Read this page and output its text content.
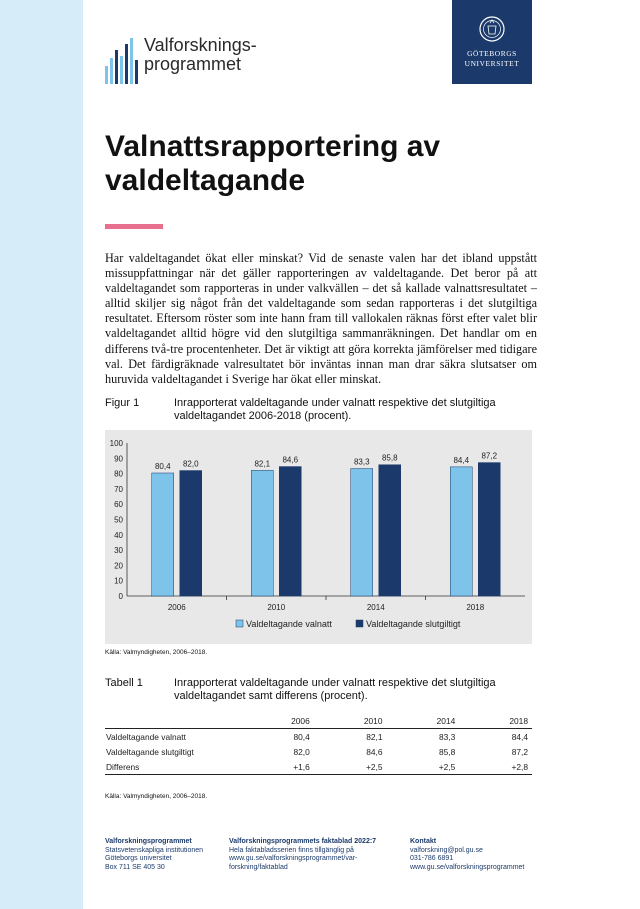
Valforsknings-
programmet
GÖTEBORGS
UNIVERSITET
Valnattsrapportering av valdeltagande

Har valdeltagandet ökat eller minskat? Vid de senaste valen har det ibland uppstått missuppfattningar när det gäller rapporteringen av valdeltagande. Det beror på att valdeltagandet som rapporteras in under valkvällen – det så kallade valnattsresultatet – alltid skiljer sig något från det valdeltagande som sedan rapporteras i det slutgiltiga resultatet. Eftersom röster som inte hann fram till vallokalen räknas först efter valet blir valdeltagandet alltid högre vid den slutgiltiga sammanräkningen. Det handlar om en differens två-tre procentenheter. Det är viktigt att göra korrekta jämförelser med tidigare val. Det färdigräknade valresultatet bör inväntas innan man drar säkra slutsatser om huruvida valdeltagandet i Sverige har ökat eller minskat.

Figur 1	Inrapporterat valdeltagande under valnatt respektive det slutgiltiga valdeltagandet 2006-2018 (procent).
0
10
20
30
40
50
60
70
80
90
100
80,4 82,0
2006
82,1 84,6
2010
83,3 85,8
2014
84,4 87,2
2018
Valdeltagande valnatt	Valdeltagande slutgiltigt
Källa: Valmyndigheten, 2006–2018.
Tabell 1	Inrapporterat valdeltagande under valnatt respektive det slutgiltiga valdeltagandet samt differens (procent).
	2006	2010	2014	2018
Valdeltagande valnatt	80,4	82,1	83,3	84,4
Valdeltagande slutgiltigt	82,0	84,6	85,8	87,2
Differens	+1,6	+2,5	+2,5	+2,8
Källa: Valmyndigheten, 2006–2018.
Valforskningsprogrammet
Statsvetenskapliga institutionen
Göteborgs universitet
Box 711 SE 405 30
Valforskningsprogrammets faktablad 2022:7
Hela faktabladsserien finns tillgänglig på
www.gu.se/valforskningsprogrammet/var-
forskning/faktablad
Kontakt
valforskning@pol.gu.se
031-786 6891
www.gu.se/valforskningsprogrammet
